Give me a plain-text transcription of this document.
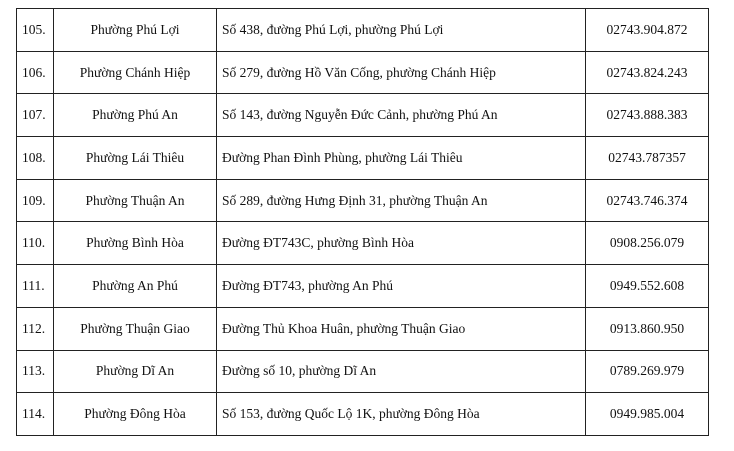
105.	Phường Phú Lợi	Số 438, đường Phú Lợi, phường Phú Lợi	02743.904.872
106.	Phường Chánh Hiệp	Số 279, đường Hồ Văn Cống, phường Chánh Hiệp	02743.824.243
107.	Phường Phú An	Số 143, đường Nguyễn Đức Cảnh, phường Phú An	02743.888.383
108.	Phường Lái Thiêu	Đường Phan Đình Phùng, phường Lái Thiêu	02743.787357
109.	Phường Thuận An	Số 289, đường Hưng Định 31, phường Thuận An	02743.746.374
110.	Phường Bình Hòa	Đường ĐT743C, phường Bình Hòa	0908.256.079
111.	Phường An Phú	Đường ĐT743, phường An Phú	0949.552.608
112.	Phường Thuận Giao	Đường Thủ Khoa Huân, phường Thuận Giao	0913.860.950
113.	Phường Dĩ An	Đường số 10, phường Dĩ An	0789.269.979
114.	Phường Đông Hòa	Số 153, đường Quốc Lộ 1K, phường Đông Hòa	0949.985.004
